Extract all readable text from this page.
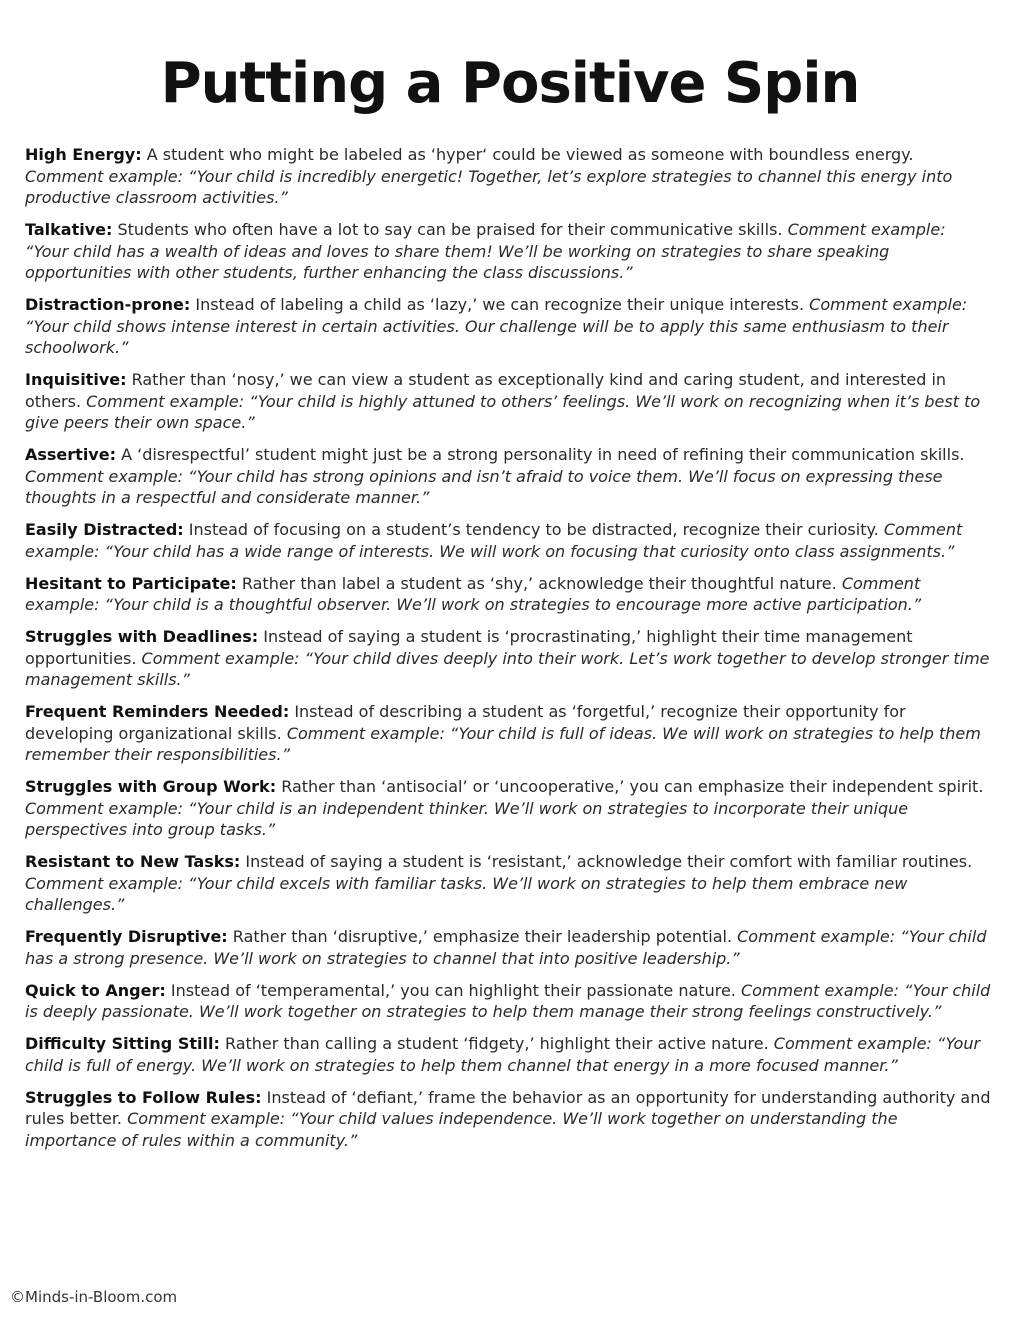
Putting a Positive Spin

High Energy: A student who might be labeled as ‘hyper‘ could be viewed as someone with boundless energy. Comment example: “Your child is incredibly energetic! Together, let’s explore strategies to channel this energy into productive classroom activities.”

Talkative: Students who often have a lot to say can be praised for their communicative skills. Comment example: “Your child has a wealth of ideas and loves to share them! We’ll be working on strategies to share speaking opportunities with other students, further enhancing the class discussions.”

Distraction-prone: Instead of labeling a child as ‘lazy,’ we can recognize their unique interests. Comment example: “Your child shows intense interest in certain activities. Our challenge will be to apply this same enthusiasm to their schoolwork.”

Inquisitive: Rather than ‘nosy,’ we can view a student as exceptionally kind and caring student, and interested in others. Comment example: “Your child is highly attuned to others’ feelings. We’ll work on recognizing when it’s best to give peers their own space.”

Assertive: A ‘disrespectful’ student might just be a strong personality in need of refining their communication skills. Comment example: “Your child has strong opinions and isn’t afraid to voice them. We’ll focus on expressing these thoughts in a respectful and considerate manner.”

Easily Distracted: Instead of focusing on a student’s tendency to be distracted, recognize their curiosity. Comment example: “Your child has a wide range of interests. We will work on focusing that curiosity onto class assignments.”

Hesitant to Participate: Rather than label a student as ‘shy,’ acknowledge their thoughtful nature. Comment example: “Your child is a thoughtful observer. We’ll work on strategies to encourage more active participation.”

Struggles with Deadlines: Instead of saying a student is ‘procrastinating,’ highlight their time management opportunities. Comment example: “Your child dives deeply into their work. Let’s work together to develop stronger time management skills.”

Frequent Reminders Needed: Instead of describing a student as ‘forgetful,’ recognize their opportunity for developing organizational skills. Comment example: “Your child is full of ideas. We will work on strategies to help them remember their responsibilities.”

Struggles with Group Work: Rather than ‘antisocial’ or ‘uncooperative,’ you can emphasize their independent spirit. Comment example: “Your child is an independent thinker. We’ll work on strategies to incorporate their unique perspectives into group tasks.”

Resistant to New Tasks: Instead of saying a student is ‘resistant,’ acknowledge their comfort with familiar routines. Comment example: “Your child excels with familiar tasks. We’ll work on strategies to help them embrace new challenges.”

Frequently Disruptive: Rather than ‘disruptive,’ emphasize their leadership potential. Comment example: “Your child has a strong presence. We’ll work on strategies to channel that into positive leadership.”

Quick to Anger: Instead of ‘temperamental,’ you can highlight their passionate nature. Comment example: “Your child is deeply passionate. We’ll work together on strategies to help them manage their strong feelings constructively.”

Difficulty Sitting Still: Rather than calling a student ‘fidgety,’ highlight their active nature. Comment example: “Your child is full of energy. We’ll work on strategies to help them channel that energy in a more focused manner.”

Struggles to Follow Rules: Instead of ‘defiant,’ frame the behavior as an opportunity for understanding authority and rules better. Comment example: “Your child values independence. We’ll work together on understanding the importance of rules within a community.”

©Minds-in-Bloom.com
